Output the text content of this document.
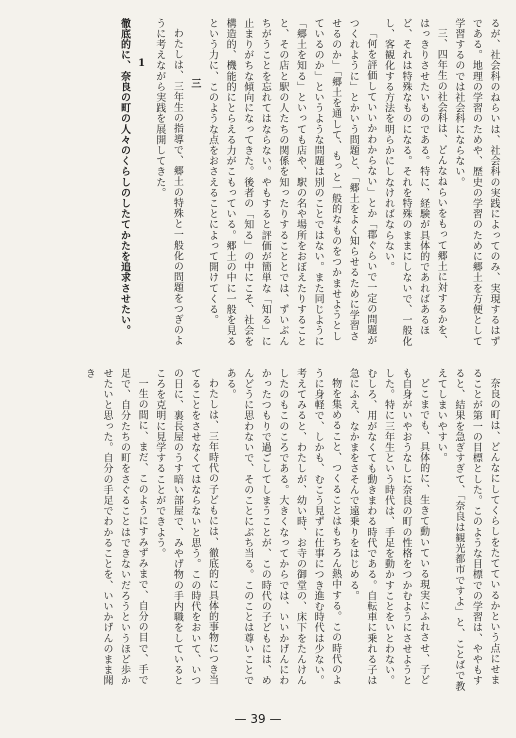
るが、社会科のねらいは、社会科の実践によってのみ、実現するはずである。地理の学習のためや、歴史の学習のために郷土を方便として学習するのでは社会科にならない。

三、四年生の社会科は、どんなねらいをもって郷土に対するかを、はっきりさせたいものである。特に、経験が具体的であればあるほど、それは特殊なものになる。それを特殊のままにしないで、一般化し、客観化する方法を明らかにしなければならない。

「何を評価していいかわからない」とか「郡ぐらいで一定の問題がつくれように」とかいう問題と、「郷土をよく知らせるために学習させるのか」「郷土を通して、もっと一般的なものをつかませようとしているのか」というような問題は別のことではない。また同じように「郷土を知る」といっても店や、駅の名や場所をおぼえたりすることと、その店と駅の人たちの関係を知ったりすることとでは、ずいぶんちがうことを忘れてはならない。やもすると評価が簡単な「知る」に止まりがちな傾向になってきた。後者の「知る」の中にこそ、社会を構造的、機能的にとらえる力がこもっている。郷土の中に一般を見るという力に、このような点をおさえることによって開けてくる。

三

わたしは、三年生の指導で、郷土の特殊と一般化の問題をつぎのように考えながら実践を展開してきた。

1

徹底的に、奈良の町の人々のくらしのしたてかたを追求させたい。

奈良の町は、どんなにしてくらしをたてているかという点にせまることが第一の目標とした。このような目標での学習は、ややもすると、結果を急ぎすぎて、「奈良は観光都市ですよ」と、ことばで教えてしまいやすい。

どこまでも、具体的に、生きて動いている現実にふれさせ、子ども自身がいやおうなしに奈良の町の性格をつかむようにさせようとした。特に三年生という時代は、手足を動かすことをいとわない。むしろ、用がなくても動きまわる時代である。自転車に乗れる子は急にふえ、なかまをさそんで遠乗りをはじめる。

物を集めること、つくることはもちろん熱中する。この時代のように身軽で、しかも、むこう見ずに仕事につき進む時代は少ない。考えてみると、わたしが、幼い時、お寺の御堂の、床下をたんけんしたのもこのころである。大きくなってからでは、いいかげんにわかったつもりで過ごしてしまうことが、この時代の子どもには、めんどうに思わないで、そのことにぶち当る。このことは尊いことである。

わたしは、三年時代の子どもには、徹底的に具体的事物につき当てることをさせなくてはならないと思う。この時代をおいて、いつの日に、裏長屋のうす暗い部屋で、みやげ物の手内職をしているところを克明に見学することができよう。

一生の間に、まだ、このようにすみずみまで、自分の目で、手で足で、自分たちの町をさぐることはできないだろうというほど歩かせたいと思った。自分の手足でわかることを、いいかげんのまま聞き

— 39 —
